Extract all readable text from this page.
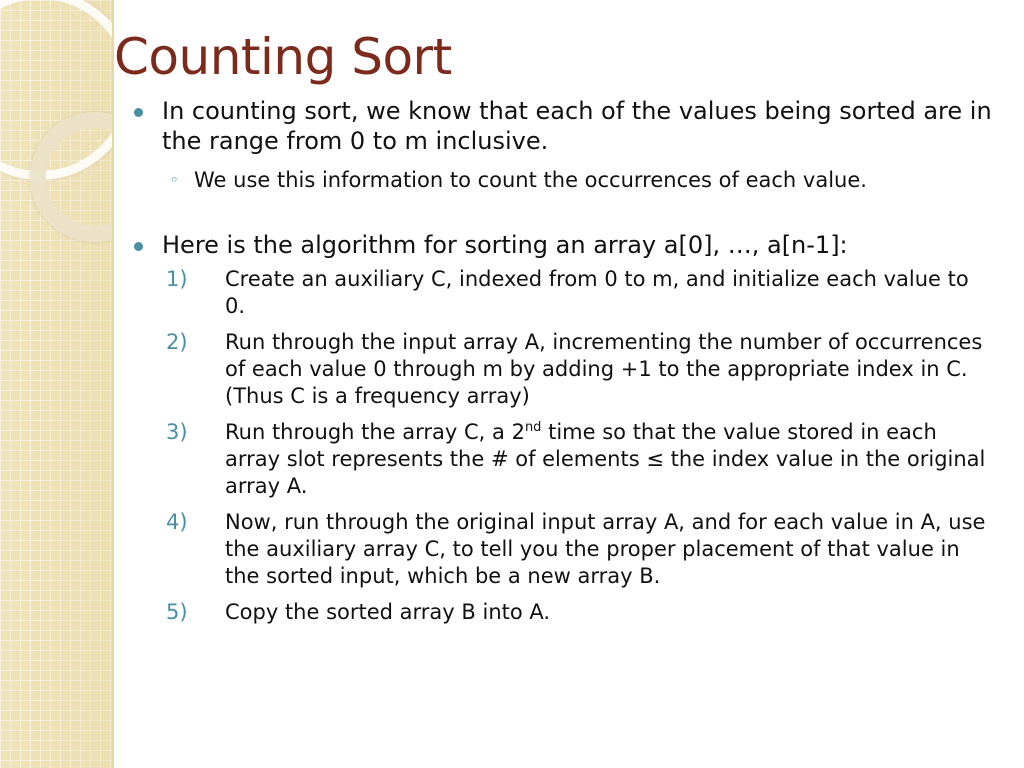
Counting Sort

In counting sort, we know that each of the values being sorted are in the range from 0 to m inclusive.

◦ We use this information to count the occurrences of each value.

Here is the algorithm for sorting an array a[0], …, a[n-1]:

1) Create an auxiliary C, indexed from 0 to m, and initialize each value to 0.
2) Run through the input array A, incrementing the number of occurrences of each value 0 through m by adding +1 to the appropriate index in C. (Thus C is a frequency array)
3) Run through the array C, a 2nd time so that the value stored in each array slot represents the # of elements ≤ the index value in the original array A.
4) Now, run through the original input array A, and for each value in A, use the auxiliary array C, to tell you the proper placement of that value in the sorted input, which be a new array B.
5) Copy the sorted array B into A.
